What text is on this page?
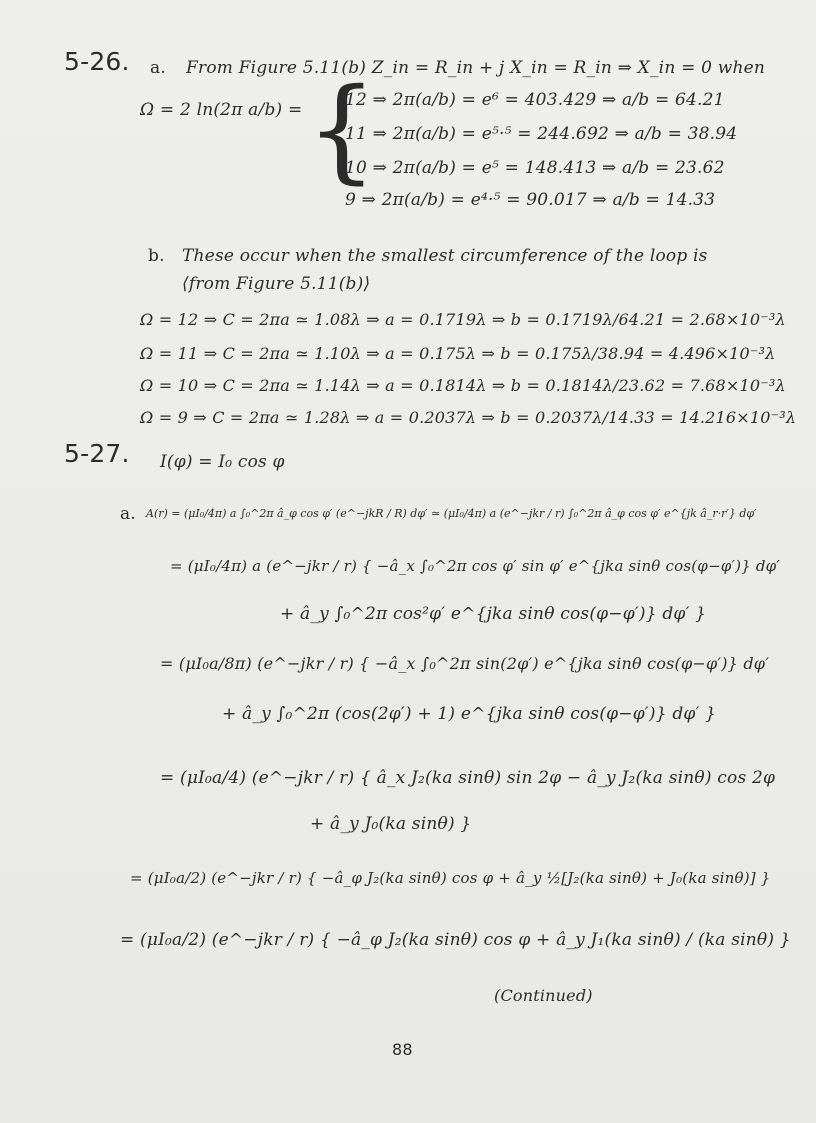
5-26. a. From Figure 5.11(b) Z_in = R_in + j X_in = R_in ⇒ X_in = 0 when
Ω = 2 ln(2π a/b) = {
12 ⇒ 2π(a/b) = e⁶ = 403.429 ⇒ a/b = 64.21
11 ⇒ 2π(a/b) = e⁵·⁵ = 244.692 ⇒ a/b = 38.94
10 ⇒ 2π(a/b) = e⁵ = 148.413 ⇒ a/b = 23.62
9 ⇒ 2π(a/b) = e⁴·⁵ = 90.017 ⇒ a/b = 14.33
b. These occur when the smallest circumference of the loop is
⟨from Figure 5.11(b)⟩
Ω = 12 ⇒ C = 2πa ≃ 1.08λ ⇒ a = 0.1719λ ⇒ b = 0.1719λ/64.21 = 2.68×10⁻³λ
Ω = 11 ⇒ C = 2πa ≃ 1.10λ ⇒ a = 0.175λ ⇒ b = 0.175λ/38.94 = 4.496×10⁻³λ
Ω = 10 ⇒ C = 2πa ≃ 1.14λ ⇒ a = 0.1814λ ⇒ b = 0.1814λ/23.62 = 7.68×10⁻³λ
Ω = 9 ⇒ C = 2πa ≃ 1.28λ ⇒ a = 0.2037λ ⇒ b = 0.2037λ/14.33 = 14.216×10⁻³λ
5-27. I(φ) = I₀ cos φ
a. A(r) = (μI₀/4π) a ∫₀^2π â_φ cos φ′ (e^−jkR / R) dφ′ ≃ (μI₀/4π) a (e^−jkr / r) ∫₀^2π â_φ cos φ′ e^{jk â_r·r′} dφ′
= (μI₀/4π) a (e^−jkr / r) { −â_x ∫₀^2π cos φ′ sin φ′ e^{jka sinθ cos(φ−φ′)} dφ′
+ â_y ∫₀^2π cos²φ′ e^{jka sinθ cos(φ−φ′)} dφ′ }
= (μI₀a/8π) (e^−jkr / r) { −â_x ∫₀^2π sin(2φ′) e^{jka sinθ cos(φ−φ′)} dφ′
+ â_y ∫₀^2π (cos(2φ′) + 1) e^{jka sinθ cos(φ−φ′)} dφ′ }
= (μI₀a/4) (e^−jkr / r) { â_x J₂(ka sinθ) sin 2φ − â_y J₂(ka sinθ) cos 2φ
+ â_y J₀(ka sinθ) }
= (μI₀a/2) (e^−jkr / r) { −â_φ J₂(ka sinθ) cos φ + â_y ½[J₂(ka sinθ) + J₀(ka sinθ)] }
= (μI₀a/2) (e^−jkr / r) { −â_φ J₂(ka sinθ) cos φ + â_y J₁(ka sinθ) / (ka sinθ) }
(Continued)
88
